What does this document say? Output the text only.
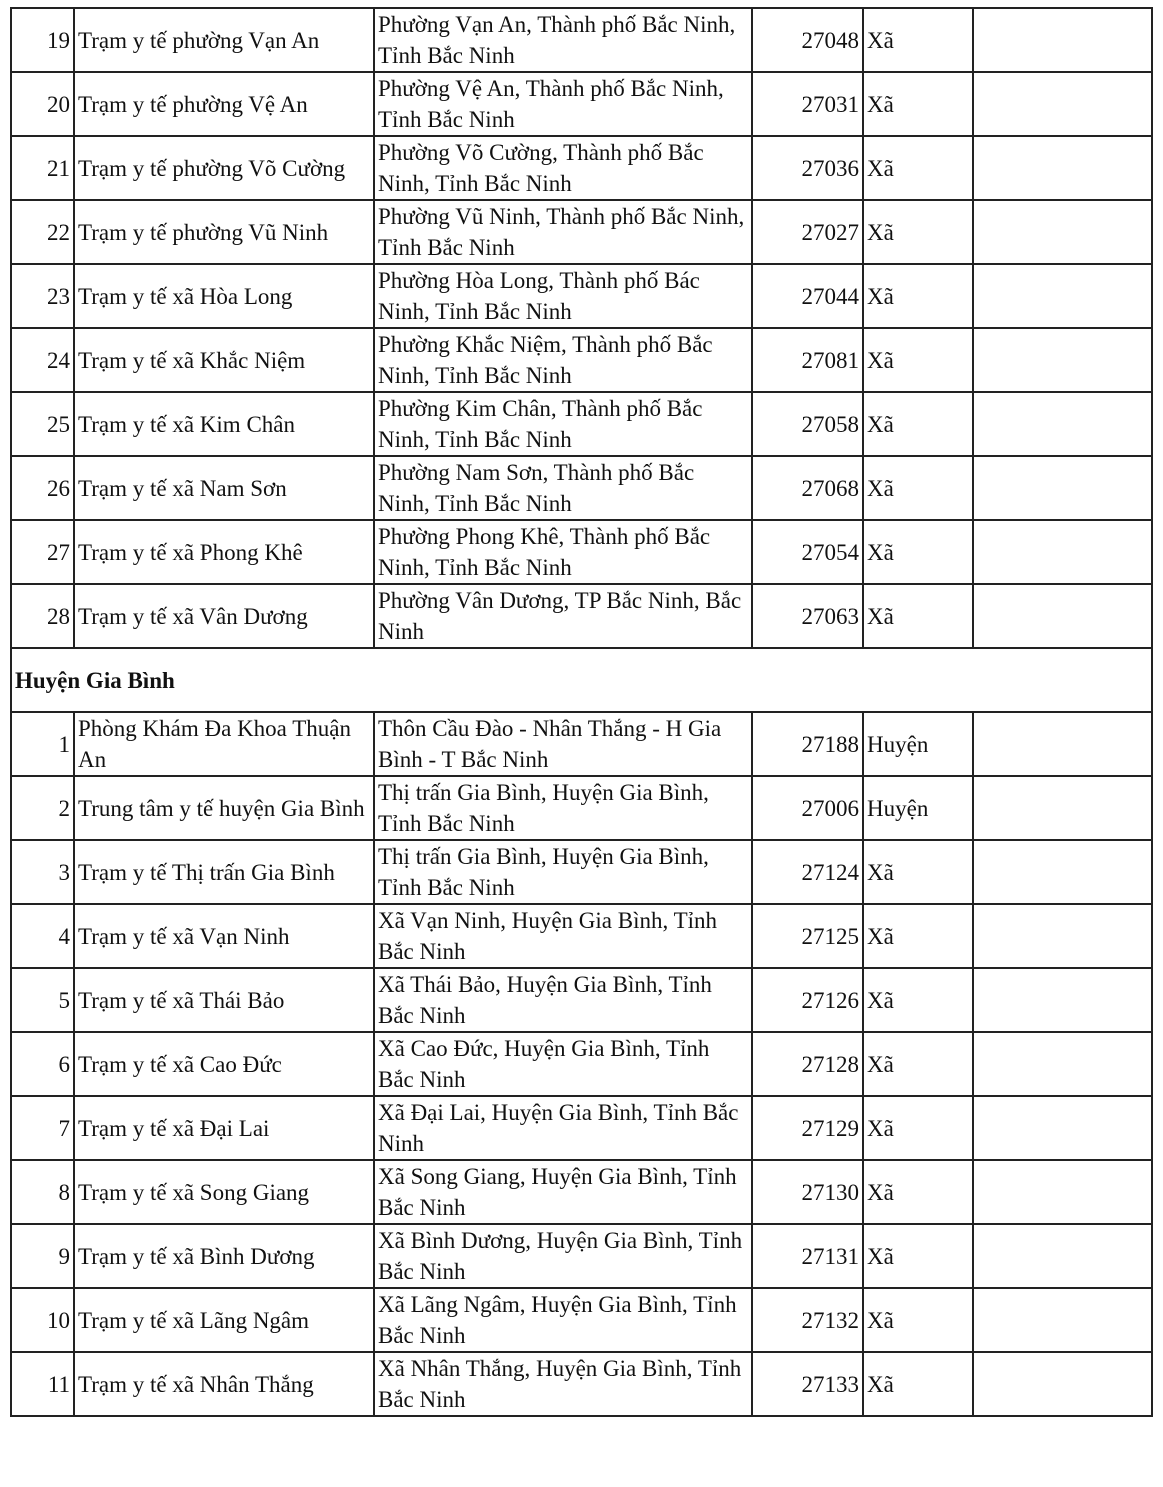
19	Trạm y tế phường Vạn An	Phường Vạn An, Thành phố Bắc Ninh, Tỉnh Bắc Ninh	27048	Xã	
20	Trạm y tế phường Vệ An	Phường Vệ An, Thành phố Bắc Ninh, Tỉnh Bắc Ninh	27031	Xã	
21	Trạm y tế phường Võ Cường	Phường Võ Cường, Thành phố Bắc Ninh, Tỉnh Bắc Ninh	27036	Xã	
22	Trạm y tế phường Vũ Ninh	Phường Vũ Ninh, Thành phố Bắc Ninh, Tỉnh Bắc Ninh	27027	Xã	
23	Trạm y tế xã Hòa Long	Phường Hòa Long, Thành phố Bác Ninh, Tỉnh Bắc Ninh	27044	Xã	
24	Trạm y tế xã Khắc Niệm	Phường Khắc Niệm, Thành phố Bắc Ninh, Tỉnh Bắc Ninh	27081	Xã	
25	Trạm y tế xã Kim Chân	Phường Kim Chân, Thành phố Bắc Ninh, Tỉnh Bắc Ninh	27058	Xã	
26	Trạm y tế xã Nam Sơn	Phường Nam Sơn, Thành phố Bắc Ninh, Tỉnh Bắc Ninh	27068	Xã	
27	Trạm y tế xã Phong Khê	Phường Phong Khê, Thành phố Bắc Ninh, Tỉnh Bắc Ninh	27054	Xã	
28	Trạm y tế xã Vân Dương	Phường Vân Dương, TP Bắc Ninh, Bắc Ninh	27063	Xã	
Huyện Gia Bình					
1	Phòng Khám Đa Khoa Thuận An	Thôn Cầu Đào - Nhân Thắng - H Gia Bình - T Bắc Ninh	27188	Huyện	
2	Trung tâm y tế huyện Gia Bình	Thị trấn Gia Bình, Huyện Gia Bình, Tỉnh Bắc Ninh	27006	Huyện	
3	Trạm y tế Thị trấn Gia Bình	Thị trấn Gia Bình, Huyện Gia Bình, Tỉnh Bắc Ninh	27124	Xã	
4	Trạm y tế xã Vạn Ninh	Xã Vạn Ninh, Huyện Gia Bình, Tỉnh Bắc Ninh	27125	Xã	
5	Trạm y tế xã Thái Bảo	Xã Thái Bảo, Huyện Gia Bình, Tỉnh Bắc Ninh	27126	Xã	
6	Trạm y tế xã Cao Đức	Xã Cao Đức, Huyện Gia Bình, Tỉnh Bắc Ninh	27128	Xã	
7	Trạm y tế xã Đại Lai	Xã Đại Lai, Huyện Gia Bình, Tỉnh Bắc Ninh	27129	Xã	
8	Trạm y tế xã Song Giang	Xã Song Giang, Huyện Gia Bình, Tỉnh Bắc Ninh	27130	Xã	
9	Trạm y tế xã Bình Dương	Xã Bình Dương, Huyện Gia Bình, Tỉnh Bắc Ninh	27131	Xã	
10	Trạm y tế xã Lãng Ngâm	Xã Lãng Ngâm, Huyện Gia Bình, Tỉnh Bắc Ninh	27132	Xã	
11	Trạm y tế xã Nhân Thắng	Xã Nhân Thắng, Huyện Gia Bình, Tỉnh Bắc Ninh	27133	Xã	
